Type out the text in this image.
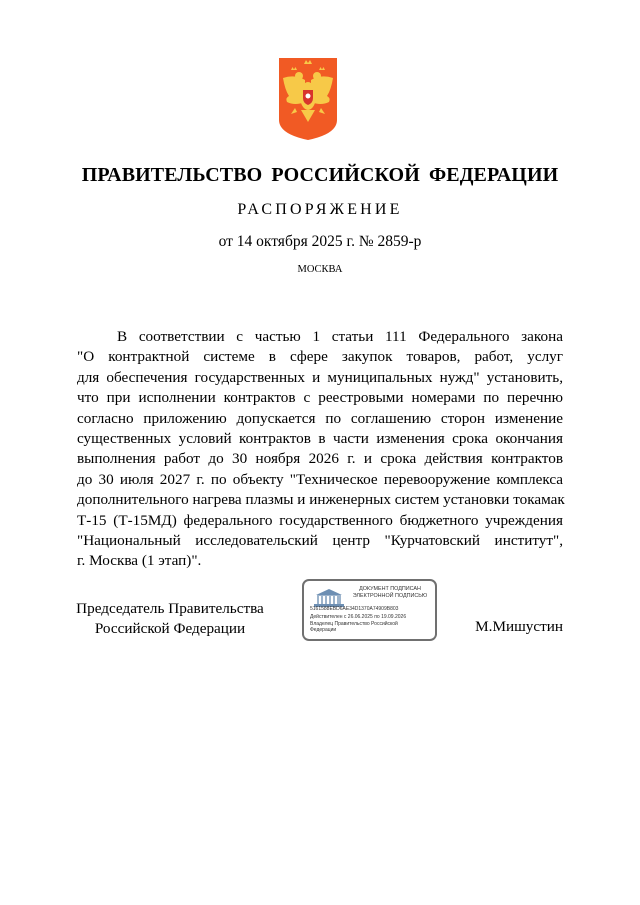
ПРАВИТЕЛЬСТВО РОССИЙСКОЙ ФЕДЕРАЦИИ
РАСПОРЯЖЕНИЕ
от 14 октября 2025 г. № 2859-р
МОСКВА
В соответствии с частью 1 статьи 111 Федерального закона
"О контрактной системе в сфере закупок товаров, работ, услуг
для обеспечения государственных и муниципальных нужд" установить,
что при исполнении контрактов с реестровыми номерами по перечню
согласно приложению допускается по соглашению сторон изменение
существенных условий контрактов в части изменения срока окончания
выполнения работ до 30 ноября 2026 г. и срока действия контрактов
до 30 июля 2027 г. по объекту "Техническое перевооружение комплекса
дополнительного нагрева плазмы и инженерных систем установки токамак
Т-15 (Т-15МД) федерального государственного бюджетного учреждения
"Национальный исследовательский центр "Курчатовский институт",
г. Москва (1 этап)".
Председатель Правительства
Российской Федерации
ДОКУМЕНТ ПОДПИСАН
ЭЛЕКТРОННОЙ ПОДПИСЬЮ
5161588EBD6AE34D1370A74909B803
Действителен с 26.06.2025 по 19.09.2026
Владелец Правительство Российской
Федерации	М.Мишустин
